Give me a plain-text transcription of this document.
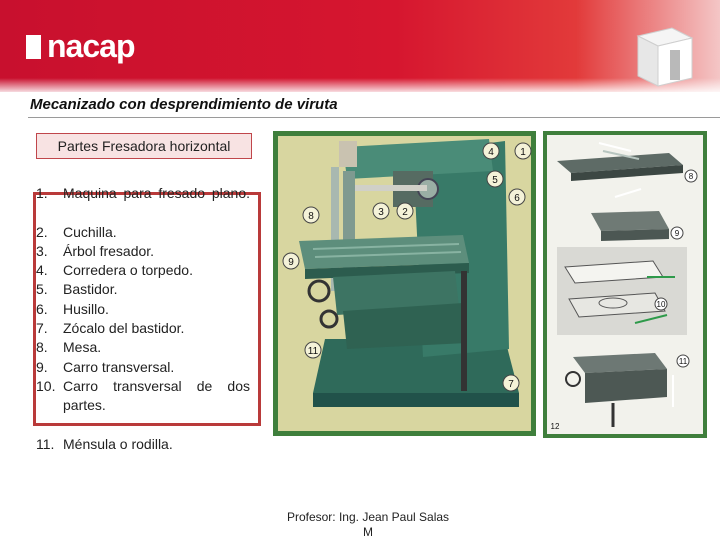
nacap
Mecanizado con desprendimiento de viruta
Partes Fresadora horizontal
1.	Maquina para fresado plano.
2.	Cuchilla.
3.	Árbol fresador.
4.	Corredera o torpedo.
5.	Bastidor.
6.	Husillo.
7.	Zócalo del bastidor.
8.	Mesa.
9.	Carro transversal.
10. Carro transversal de dos partes.
11. Ménsula o rodilla.
1
2
3
4
5
6
7
8
9
11
8
9
10
11
12
Profesor: Ing. Jean Paul Salas
M
